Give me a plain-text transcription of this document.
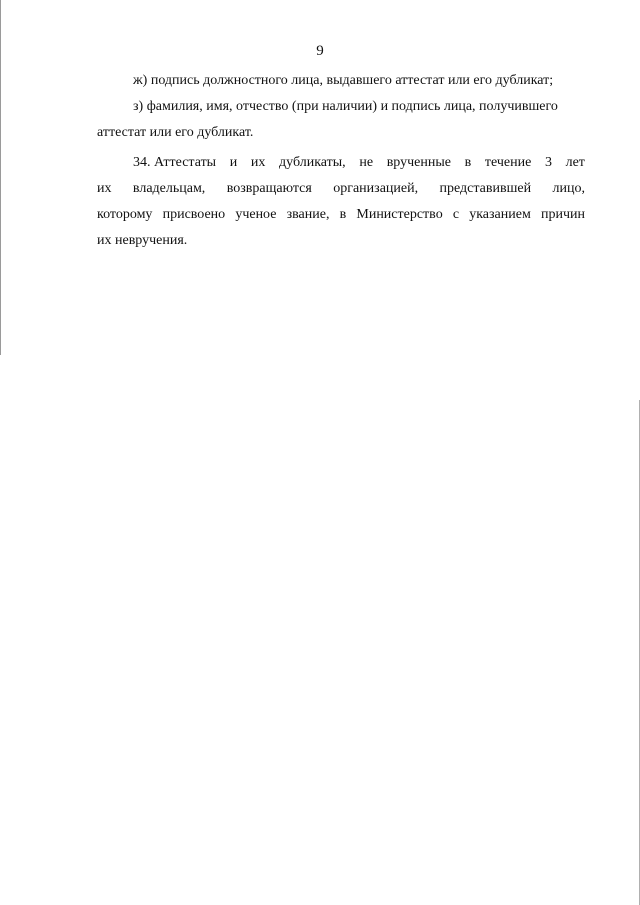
9
ж) подпись должностного лица, выдавшего аттестат или его дубликат;
з) фамилия, имя, отчество (при наличии) и подпись лица, получившего
аттестат или его дубликат.
34. Аттестаты и их дубликаты, не врученные в течение 3 лет
их владельцам, возвращаются организацией, представившей лицо,
которому присвоено ученое звание, в Министерство с указанием причин
их невручения.
